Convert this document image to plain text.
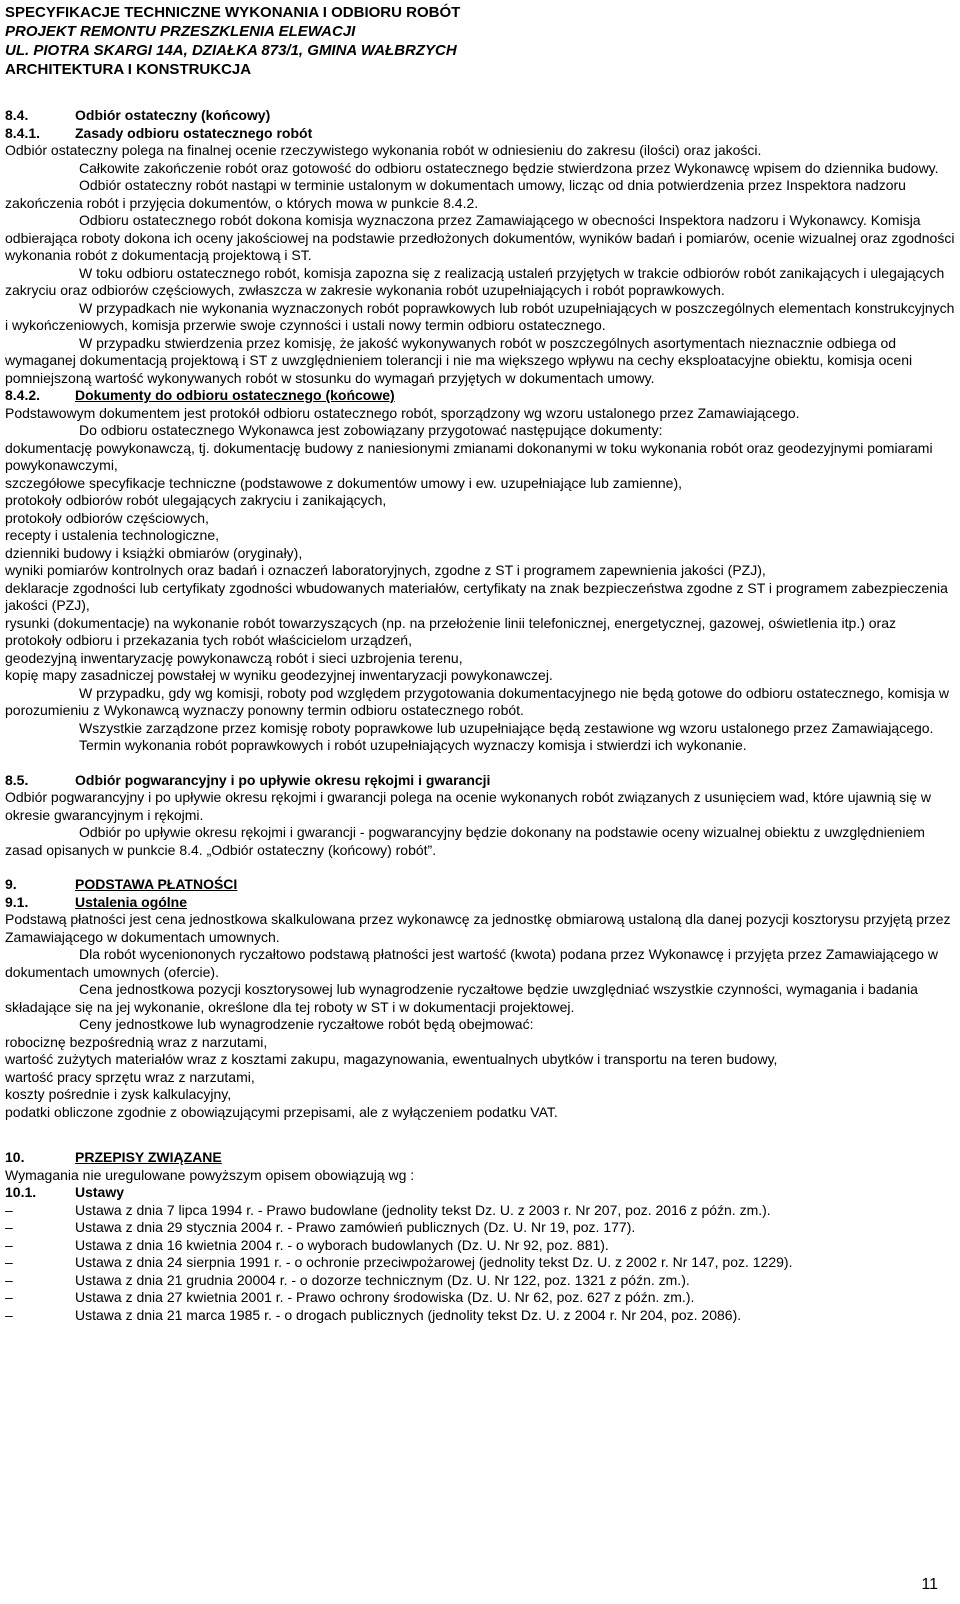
SPECYFIKACJE TECHNICZNE WYKONANIA I ODBIORU ROBÓT
PROJEKT REMONTU PRZESZKLENIA ELEWACJI
UL. PIOTRA SKARGI 14A, DZIAŁKA 873/1, GMINA WAŁBRZYCH
ARCHITEKTURA I KONSTRUKCJA
8.4.	Odbiór ostateczny (końcowy)
8.4.1.	Zasady odbioru ostatecznego robót

Odbiór ostateczny polega na finalnej ocenie rzeczywistego wykonania robót w odniesieniu do zakresu (ilości) oraz jakości.

Całkowite zakończenie robót oraz gotowość do odbioru ostatecznego będzie stwierdzona przez Wykonawcę wpisem do dziennika budowy.

Odbiór ostateczny robót nastąpi w terminie ustalonym w dokumentach umowy, licząc od dnia potwierdzenia przez Inspektora nadzoru zakończenia robót i przyjęcia dokumentów, o których mowa w punkcie 8.4.2.

Odbioru ostatecznego robót dokona komisja wyznaczona przez Zamawiającego w obecności Inspektora nadzoru i Wykonawcy. Komisja odbierająca roboty dokona ich oceny jakościowej na podstawie przedłożonych dokumentów, wyników badań i pomiarów, ocenie wizualnej oraz zgodności wykonania robót z dokumentacją projektową i ST.

W toku odbioru ostatecznego robót, komisja zapozna się z realizacją ustaleń przyjętych w trakcie odbiorów robót zanikających i ulegających zakryciu oraz odbiorów częściowych, zwłaszcza w zakresie wykonania robót uzupełniających i robót poprawkowych.

W przypadkach nie wykonania wyznaczonych robót poprawkowych lub robót uzupełniających w poszczególnych elementach konstrukcyjnych i wykończeniowych, komisja przerwie swoje czynności i ustali nowy termin odbioru ostatecznego.

W przypadku stwierdzenia przez komisję, że jakość wykonywanych robót w poszczególnych asortymentach nieznacznie odbiega od wymaganej dokumentacją projektową i ST z uwzględnieniem tolerancji i nie ma większego wpływu na cechy eksploatacyjne obiektu, komisja oceni pomniejszoną wartość wykonywanych robót w stosunku do wymagań przyjętych w dokumentach umowy.

8.4.2.	Dokumenty do odbioru ostatecznego (końcowe)

Podstawowym dokumentem jest protokół odbioru ostatecznego robót, sporządzony wg wzoru ustalonego przez Zamawiającego.

Do odbioru ostatecznego Wykonawca jest zobowiązany przygotować następujące dokumenty:

dokumentację powykonawczą, tj. dokumentację budowy z naniesionymi zmianami dokonanymi w toku wykonania robót oraz geodezyjnymi pomiarami powykonawczymi,

szczegółowe specyfikacje techniczne (podstawowe z dokumentów umowy i ew. uzupełniające lub zamienne),

protokoły odbiorów robót ulegających zakryciu i zanikających,

protokoły odbiorów częściowych,

recepty i ustalenia technologiczne,

dzienniki budowy i książki obmiarów (oryginały),

wyniki pomiarów kontrolnych oraz badań i oznaczeń laboratoryjnych, zgodne z ST i programem zapewnienia jakości (PZJ),

deklaracje zgodności lub certyfikaty zgodności wbudowanych materiałów, certyfikaty na znak bezpieczeństwa zgodne z ST i programem zabezpieczenia jakości (PZJ),

rysunki (dokumentacje) na wykonanie robót towarzyszących (np. na przełożenie linii telefonicznej, energetycznej, gazowej, oświetlenia itp.) oraz protokoły odbioru i przekazania tych robót właścicielom urządzeń,

geodezyjną inwentaryzację powykonawczą robót i sieci uzbrojenia terenu,

kopię mapy zasadniczej powstałej w wyniku geodezyjnej inwentaryzacji powykonawczej.

W przypadku, gdy wg komisji, roboty pod względem przygotowania dokumentacyjnego nie będą gotowe do odbioru ostatecznego, komisja w porozumieniu z Wykonawcą wyznaczy ponowny termin odbioru ostatecznego robót.

Wszystkie zarządzone przez komisję roboty poprawkowe lub uzupełniające będą zestawione wg wzoru ustalonego przez Zamawiającego.

Termin wykonania robót poprawkowych i robót uzupełniających wyznaczy komisja i stwierdzi ich wykonanie.

8.5.	Odbiór pogwarancyjny i po upływie okresu rękojmi i gwarancji

Odbiór pogwarancyjny i po upływie okresu rękojmi i gwarancji polega na ocenie wykonanych robót związanych z usunięciem wad, które ujawnią się w okresie gwarancyjnym i rękojmi.

Odbiór po upływie okresu rękojmi i gwarancji - pogwarancyjny będzie dokonany na podstawie oceny wizualnej obiektu z uwzględnieniem zasad opisanych w punkcie 8.4. „Odbiór ostateczny (końcowy) robót”.

9.	PODSTAWA PŁATNOŚCI
9.1.	Ustalenia ogólne

Podstawą płatności jest cena jednostkowa skalkulowana przez wykonawcę za jednostkę obmiarową ustaloną dla danej pozycji kosztorysu przyjętą przez Zamawiającego w dokumentach umownych.

Dla robót wyceniononych ryczałtowo podstawą płatności jest wartość (kwota) podana przez Wykonawcę i przyjęta przez Zamawiającego w dokumentach umownych (ofercie).

Cena jednostkowa pozycji kosztorysowej lub wynagrodzenie ryczałtowe będzie uwzględniać wszystkie czynności, wymagania i badania składające się na jej wykonanie, określone dla tej roboty w ST i w dokumentacji projektowej.

Ceny jednostkowe lub wynagrodzenie ryczałtowe robót będą obejmować:

robociznę bezpośrednią wraz z narzutami,

wartość zużytych materiałów wraz z kosztami zakupu, magazynowania, ewentualnych ubytków i transportu na teren budowy,

wartość pracy sprzętu wraz z narzutami,

koszty pośrednie i zysk kalkulacyjny,

podatki obliczone zgodnie z obowiązującymi przepisami, ale z wyłączeniem podatku VAT.

10.	PRZEPISY ZWIĄZANE

Wymagania nie uregulowane powyższym opisem obowiązują wg :

10.1.	Ustawy
–	Ustawa z dnia 7 lipca 1994 r. - Prawo budowlane (jednolity tekst Dz. U. z 2003 r. Nr 207, poz. 2016 z późn. zm.).
–	Ustawa z dnia 29 stycznia 2004 r. - Prawo zamówień publicznych (Dz. U. Nr 19, poz. 177).
–	Ustawa z dnia 16 kwietnia 2004 r. - o wyborach budowlanych (Dz. U. Nr 92, poz. 881).
–	Ustawa z dnia 24 sierpnia 1991 r. - o ochronie przeciwpożarowej (jednolity tekst Dz. U. z 2002 r. Nr 147, poz. 1229).
–	Ustawa z dnia 21 grudnia 20004 r. - o dozorze technicznym (Dz. U. Nr 122, poz. 1321 z późn. zm.).
–	Ustawa z dnia 27 kwietnia 2001 r. - Prawo ochrony środowiska (Dz. U. Nr 62, poz. 627 z późn. zm.).
–	Ustawa z dnia 21 marca 1985 r. - o drogach publicznych (jednolity tekst Dz. U. z 2004 r. Nr 204, poz. 2086).
11
